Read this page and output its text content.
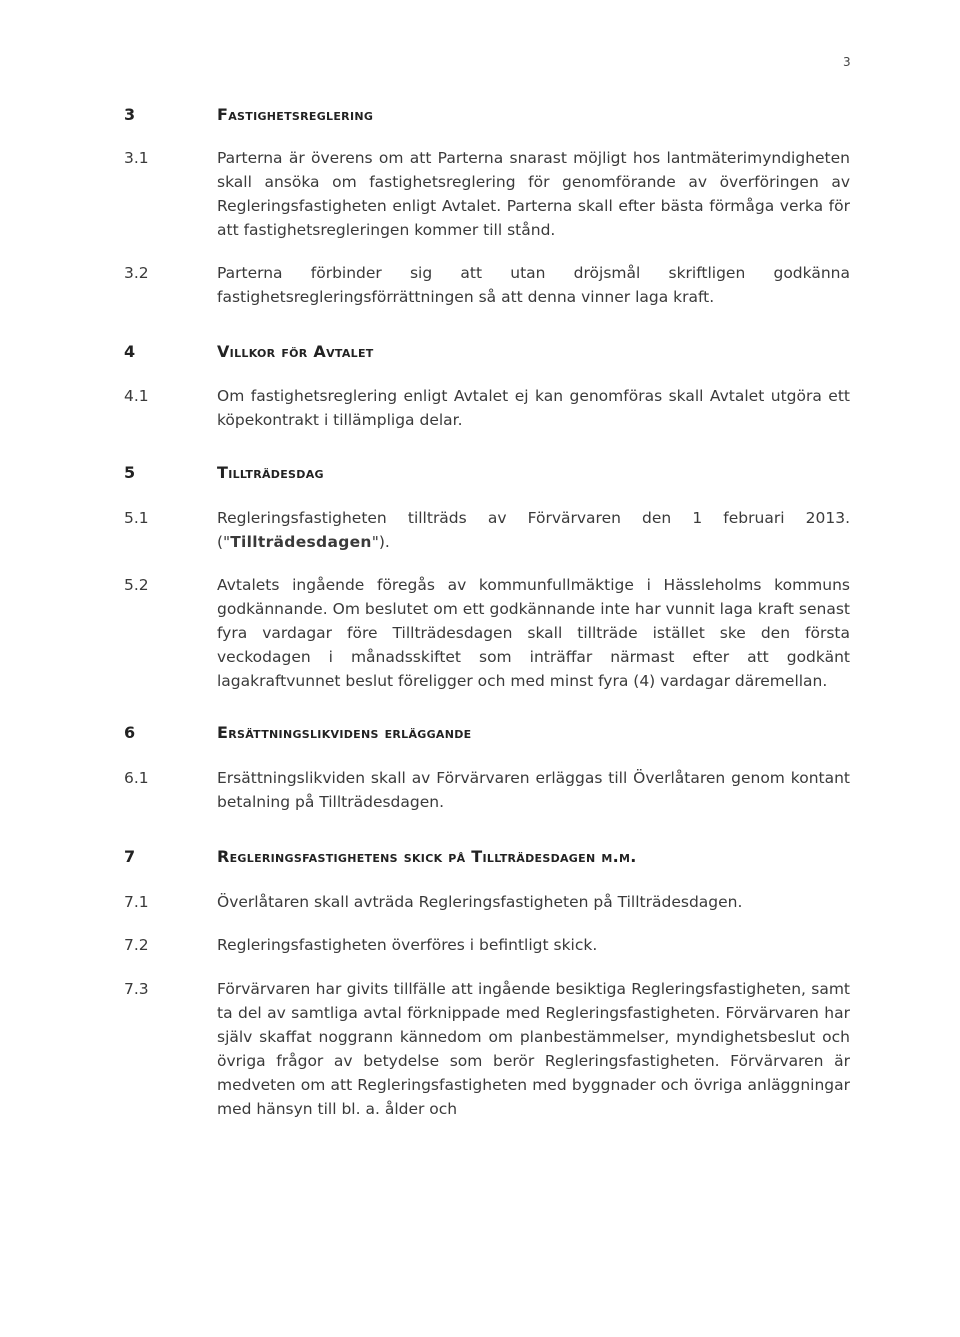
3
3	Fastighetsreglering
3.1	Parterna är överens om att Parterna snarast möjligt hos lantmäterimyndigheten skall ansöka om fastighetsreglering för genomförande av överföringen av Regleringsfastigheten enligt Avtalet. Parterna skall efter bästa förmåga verka för att fastighetsregleringen kommer till stånd.
3.2	Parterna förbinder sig att utan dröjsmål skriftligen godkänna fastighetsregleringsförrättningen så att denna vinner laga kraft.
4	Villkor för Avtalet
4.1	Om fastighetsreglering enligt Avtalet ej kan genomföras skall Avtalet utgöra ett köpekontrakt i tillämpliga delar.
5	Tillträdesdag
5.1	Regleringsfastigheten tillträds av Förvärvaren den 1 februari 2013. ("Tillträdesdagen").
5.2	Avtalets ingående föregås av kommunfullmäktige i Hässleholms kommuns godkännande. Om beslutet om ett godkännande inte har vunnit laga kraft senast fyra vardagar före Tillträdesdagen skall tillträde istället ske den första veckodagen i månadsskiftet som inträffar närmast efter att godkänt lagakraftvunnet beslut föreligger och med minst fyra (4) vardagar däremellan.
6	Ersättningslikvidens erläggande
6.1	Ersättningslikviden skall av Förvärvaren erläggas till Överlåtaren genom kontant betalning på Tillträdesdagen.
7	Regleringsfastighetens skick på Tillträdesdagen m.m.
7.1	Överlåtaren skall avträda Regleringsfastigheten på Tillträdesdagen.
7.2	Regleringsfastigheten överföres i befintligt skick.
7.3	Förvärvaren har givits tillfälle att ingående besiktiga Regleringsfastigheten, samt ta del av samtliga avtal förknippade med Regleringsfastigheten. Förvärvaren har själv skaffat noggrann kännedom om planbestämmelser, myndighetsbeslut och övriga frågor av betydelse som berör Regleringsfastigheten. Förvärvaren är medveten om att Regleringsfastigheten med byggnader och övriga anläggningar med hänsyn till bl. a. ålder och
